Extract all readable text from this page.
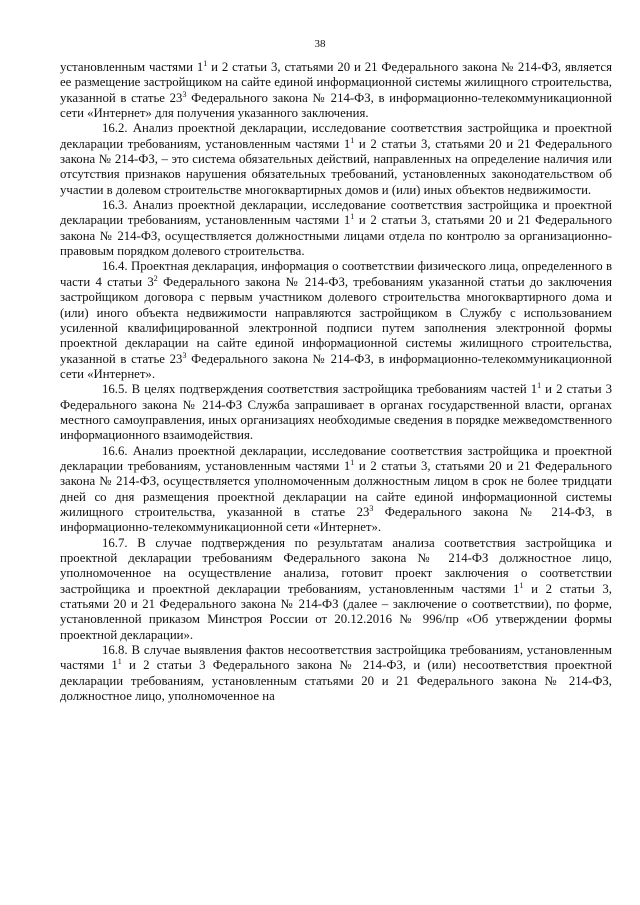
38

установленным частями $1^1$ и 2 статьи 3, статьями 20 и 21 Федерального закона № 214-ФЗ, является ее размещение застройщиком на сайте единой информационной системы жилищного строительства, указанной в статье $23^3$ Федерального закона № 214-ФЗ, в информационно-телекоммуникационной сети «Интернет» для получения указанного заключения.

16.2. Анализ проектной декларации, исследование соответствия застройщика и проектной декларации требованиям, установленным частями $1^1$ и 2 статьи 3, статьями 20 и 21 Федерального закона № 214-ФЗ, – это система обязательных действий, направленных на определение наличия или отсутствия признаков нарушения обязательных требований, установленных законодательством об участии в долевом строительстве многоквартирных домов и (или) иных объектов недвижимости.

16.3. Анализ проектной декларации, исследование соответствия застройщика и проектной декларации требованиям, установленным частями $1^1$ и 2 статьи 3, статьями 20 и 21 Федерального закона № 214-ФЗ, осуществляется должностными лицами отдела по контролю за организационно-правовым порядком долевого строительства.

16.4. Проектная декларация, информация о соответствии физического лица, определенного в части 4 статьи $3^2$ Федерального закона № 214-ФЗ, требованиям указанной статьи до заключения застройщиком договора с первым участником долевого строительства многоквартирного дома и (или) иного объекта недвижимости направляются застройщиком в Службу с использованием усиленной квалифицированной электронной подписи путем заполнения электронной формы проектной декларации на сайте единой информационной системы жилищного строительства, указанной в статье $23^3$ Федерального закона № 214-ФЗ, в информационно-телекоммуникационной сети «Интернет».

16.5. В целях подтверждения соответствия застройщика требованиям частей $1^1$ и 2 статьи 3 Федерального закона № 214-ФЗ Служба запрашивает в органах государственной власти, органах местного самоуправления, иных организациях необходимые сведения в порядке межведомственного информационного взаимодействия.

16.6. Анализ проектной декларации, исследование соответствия застройщика и проектной декларации требованиям, установленным частями $1^1$ и 2 статьи 3, статьями 20 и 21 Федерального закона № 214-ФЗ, осуществляется уполномоченным должностным лицом в срок не более тридцати дней со дня размещения проектной декларации на сайте единой информационной системы жилищного строительства, указанной в статье $23^3$ Федерального закона № 214-ФЗ, в информационно-телекоммуникационной сети «Интернет».

16.7. В случае подтверждения по результатам анализа соответствия застройщика и проектной декларации требованиям Федерального закона № 214-ФЗ должностное лицо, уполномоченное на осуществление анализа, готовит проект заключения о соответствии застройщика и проектной декларации требованиям, установленным частями $1^1$ и 2 статьи 3, статьями 20 и 21 Федерального закона № 214-ФЗ (далее – заключение о соответствии), по форме, установленной приказом Минстроя России от 20.12.2016 № 996/пр «Об утверждении формы проектной декларации».

16.8. В случае выявления фактов несоответствия застройщика требованиям, установленным частями $1^1$ и 2 статьи 3 Федерального закона № 214-ФЗ, и (или) несоответствия проектной декларации требованиям, установленным статьями 20 и 21 Федерального закона № 214-ФЗ, должностное лицо, уполномоченное на
